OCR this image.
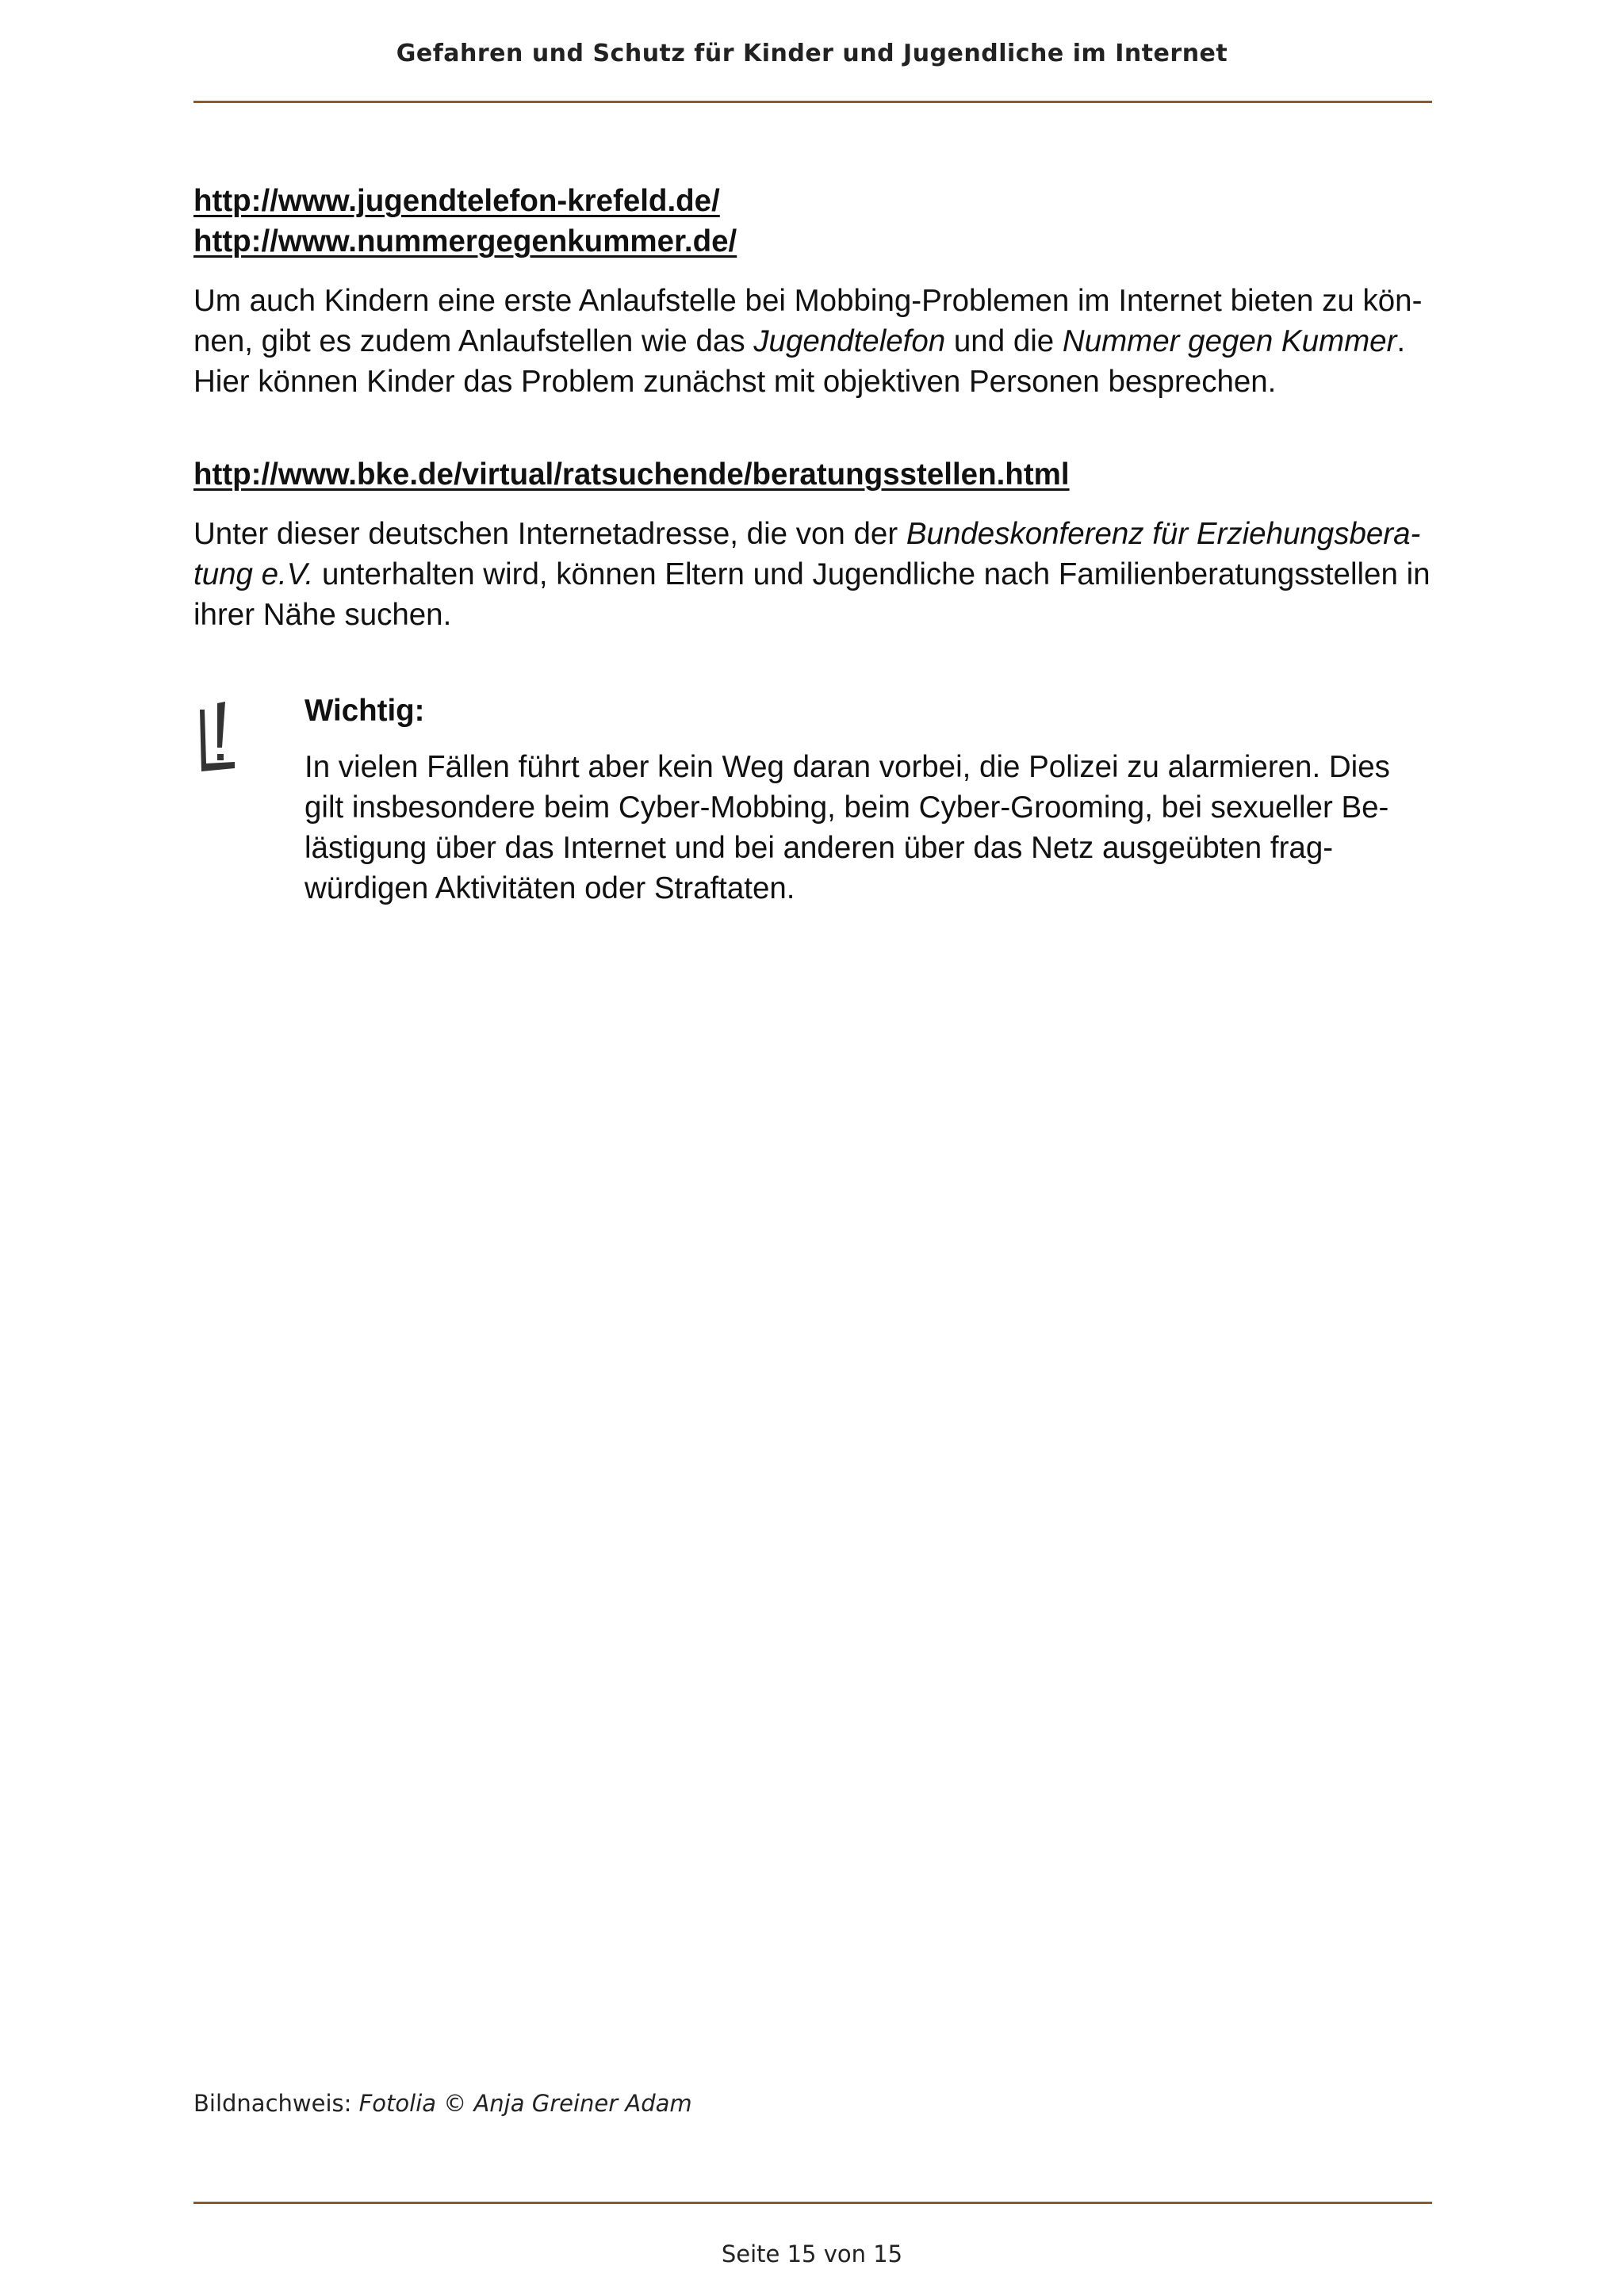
Gefahren und Schutz für Kinder und Jugendliche im Internet
http://www.jugendtelefon-krefeld.de/
http://www.nummergegenkummer.de/

Um auch Kindern eine erste Anlaufstelle bei Mobbing-Problemen im Internet bieten zu kön-
nen, gibt es zudem Anlaufstellen wie das Jugendtelefon und die Nummer gegen Kummer.
Hier können Kinder das Problem zunächst mit objektiven Personen besprechen.

http://www.bke.de/virtual/ratsuchende/beratungsstellen.html

Unter dieser deutschen Internetadresse, die von der Bundeskonferenz für Erziehungsbera-
tung e.V. unterhalten wird, können Eltern und Jugendliche nach Familienberatungsstellen in
ihrer Nähe suchen.

Wichtig:
In vielen Fällen führt aber kein Weg daran vorbei, die Polizei zu alarmieren. Dies
gilt insbesondere beim Cyber-Mobbing, beim Cyber-Grooming, bei sexueller Be-
lästigung über das Internet und bei anderen über das Netz ausgeübten frag-
würdigen Aktivitäten oder Straftaten.
Bildnachweis: Fotolia © Anja Greiner Adam
Seite 15 von 15
